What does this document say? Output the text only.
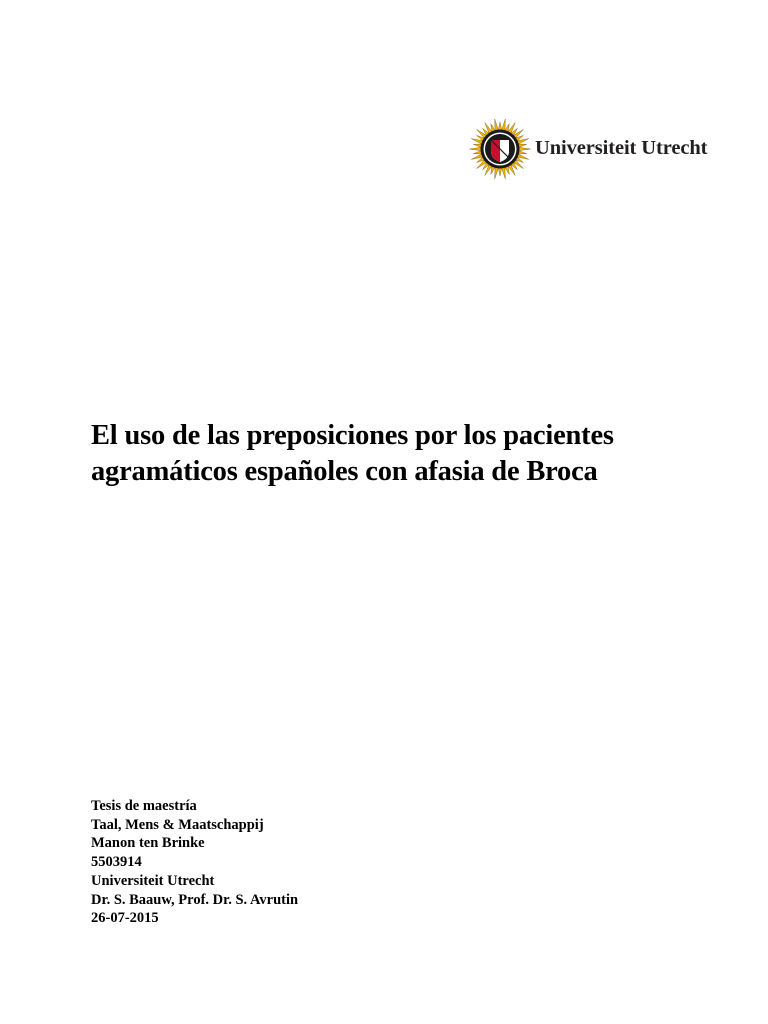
Universiteit Utrecht
El uso de las preposiciones por los pacientes
agramáticos españoles con afasia de Broca
Tesis de maestría
Taal, Mens & Maatschappij
Manon ten Brinke
5503914
Universiteit Utrecht
Dr. S. Baauw, Prof. Dr. S. Avrutin
26-07-2015
